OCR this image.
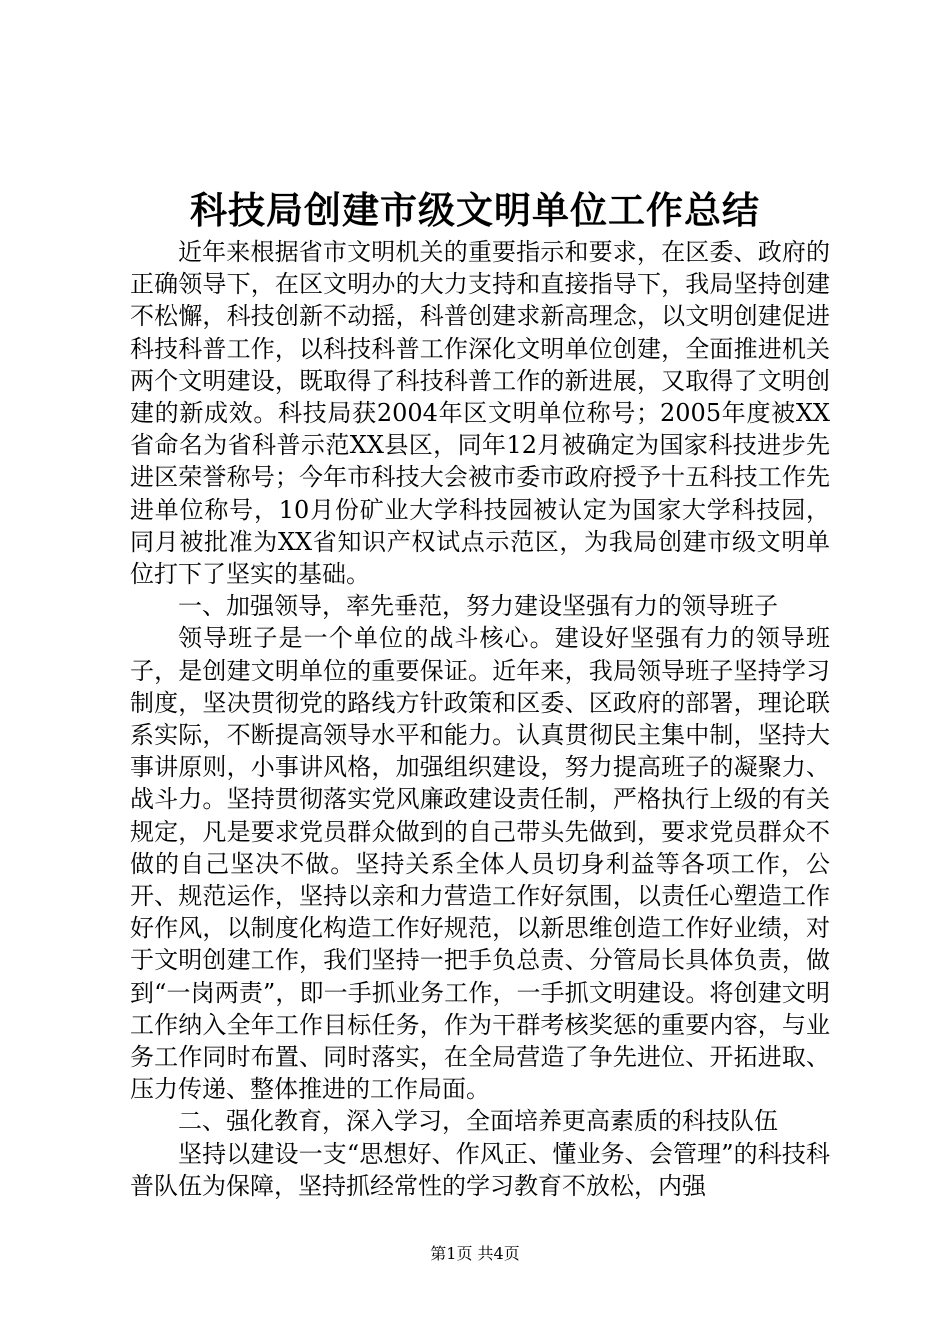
科技局创建市级文明单位工作总结

近年来根据省市文明机关的重要指示和要求，在区委、政府的正确领导下，在区文明办的大力支持和直接指导下，我局坚持创建不松懈，科技创新不动摇，科普创建求新高理念，以文明创建促进科技科普工作，以科技科普工作深化文明单位创建，全面推进机关两个文明建设，既取得了科技科普工作的新进展，又取得了文明创建的新成效。科技局获2004年区文明单位称号；2005年度被XX省命名为省科普示范XX县区，同年12月被确定为国家科技进步先进区荣誉称号；今年市科技大会被市委市政府授予十五科技工作先进单位称号，10月份矿业大学科技园被认定为国家大学科技园，同月被批准为XX省知识产权试点示范区，为我局创建市级文明单位打下了坚实的基础。

一、加强领导，率先垂范，努力建设坚强有力的领导班子

领导班子是一个单位的战斗核心。建设好坚强有力的领导班子，是创建文明单位的重要保证。近年来，我局领导班子坚持学习制度，坚决贯彻党的路线方针政策和区委、区政府的部署，理论联系实际，不断提高领导水平和能力。认真贯彻民主集中制，坚持大事讲原则，小事讲风格，加强组织建设，努力提高班子的凝聚力、战斗力。坚持贯彻落实党风廉政建设责任制，严格执行上级的有关规定，凡是要求党员群众做到的自己带头先做到，要求党员群众不做的自己坚决不做。坚持关系全体人员切身利益等各项工作，公开、规范运作，坚持以亲和力营造工作好氛围，以责任心塑造工作好作风，以制度化构造工作好规范，以新思维创造工作好业绩，对于文明创建工作，我们坚持一把手负总责、分管局长具体负责，做到“一岗两责”，即一手抓业务工作，一手抓文明建设。将创建文明工作纳入全年工作目标任务，作为干群考核奖惩的重要内容，与业务工作同时布置、同时落实，在全局营造了争先进位、开拓进取、压力传递、整体推进的工作局面。

二、强化教育，深入学习，全面培养更高素质的科技队伍

坚持以建设一支“思想好、作风正、懂业务、会管理”的科技科普队伍为保障，坚持抓经常性的学习教育不放松，内强

第1页 共4页
